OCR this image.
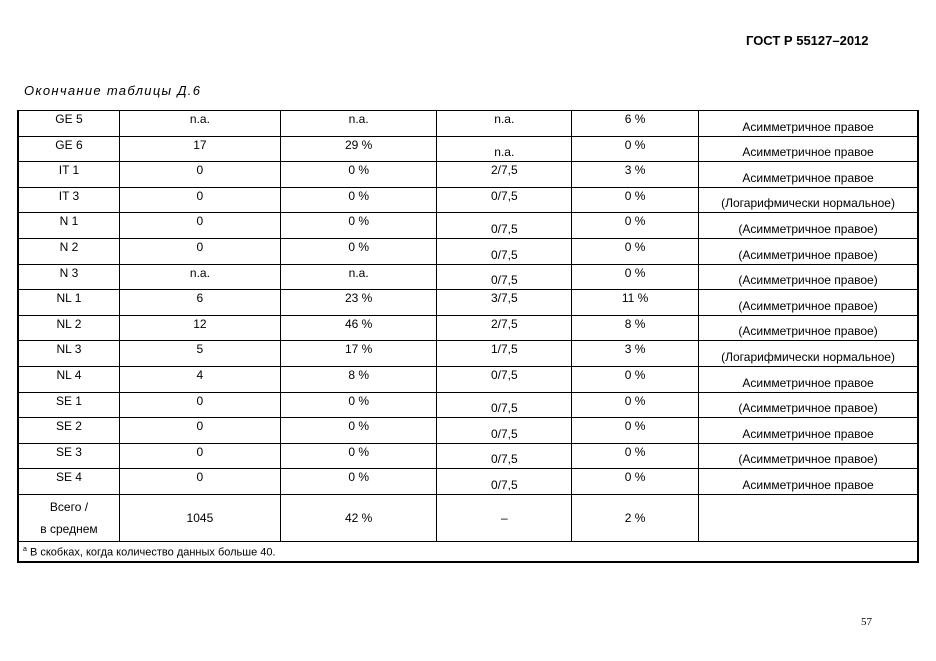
ГОСТ Р 55127–2012
Окончание таблицы Д.6
GE 5	n.a.	n.a.	n.a.	6 %	Асимметричное правое
GE 6	17	29 %	n.a.	0 %	Асимметричное правое
IT 1	0	0 %	2/7,5	3 %	Асимметричное правое
IT 3	0	0 %	0/7,5	0 %	(Логарифмически нормальное)
N 1	0	0 %	0/7,5	0 %	(Асимметричное правое)
N 2	0	0 %	0/7,5	0 %	(Асимметричное правое)
N 3	n.a.	n.a.	0/7,5	0 %	(Асимметричное правое)
NL 1	6	23 %	3/7,5	11 %	(Асимметричное правое)
NL 2	12	46 %	2/7,5	8 %	(Асимметричное правое)
NL 3	5	17 %	1/7,5	3 %	(Логарифмически нормальное)
NL 4	4	8 %	0/7,5	0 %	Асимметричное правое
SE 1	0	0 %	0/7,5	0 %	(Асимметричное правое)
SE 2	0	0 %	0/7,5	0 %	Асимметричное правое
SE 3	0	0 %	0/7,5	0 %	(Асимметричное правое)
SE 4	0	0 %	0/7,5	0 %	Асимметричное правое
Всего /
в среднем	1045	42 %	–	2 %	
$^a$ В скобках, когда количество данных больше 40.					
57
